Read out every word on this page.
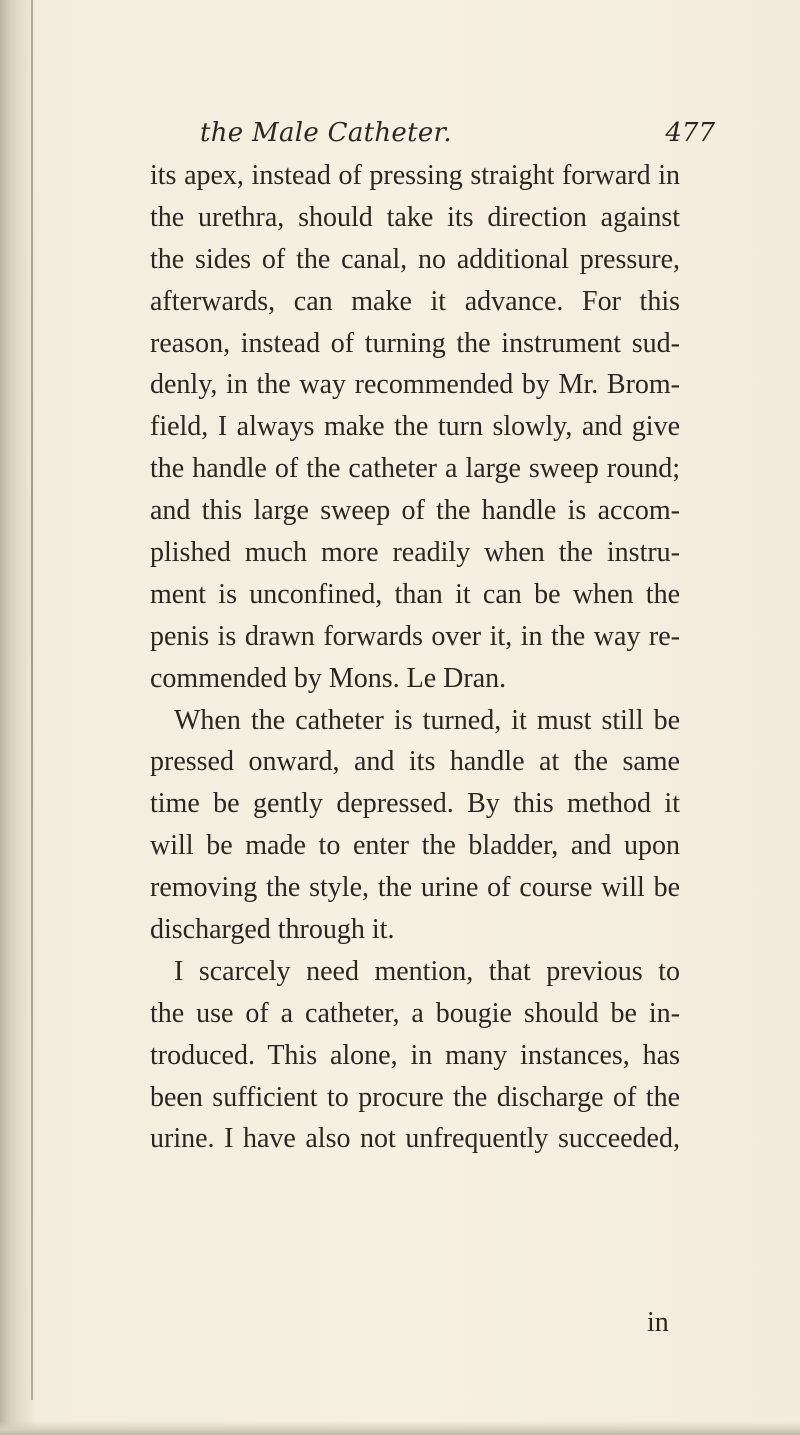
the Male Catheter.	477
its apex, instead of pressing straight forward in
the urethra, should take its direction against
the sides of the canal, no additional pressure,
afterwards, can make it advance. For this
reason, instead of turning the instrument sud-
denly, in the way recommended by Mr. Brom-
field, I always make the turn slowly, and give
the handle of the catheter a large sweep round;
and this large sweep of the handle is accom-
plished much more readily when the instru-
ment is unconfined, than it can be when the
penis is drawn forwards over it, in the way re-
commended by Mons. Le Dran.
When the catheter is turned, it must still be
pressed onward, and its handle at the same
time be gently depressed. By this method it
will be made to enter the bladder, and upon
removing the style, the urine of course will be
discharged through it.
I scarcely need mention, that previous to
the use of a catheter, a bougie should be in-
troduced. This alone, in many instances, has
been sufficient to procure the discharge of the
urine. I have also not unfrequently succeeded,
in
